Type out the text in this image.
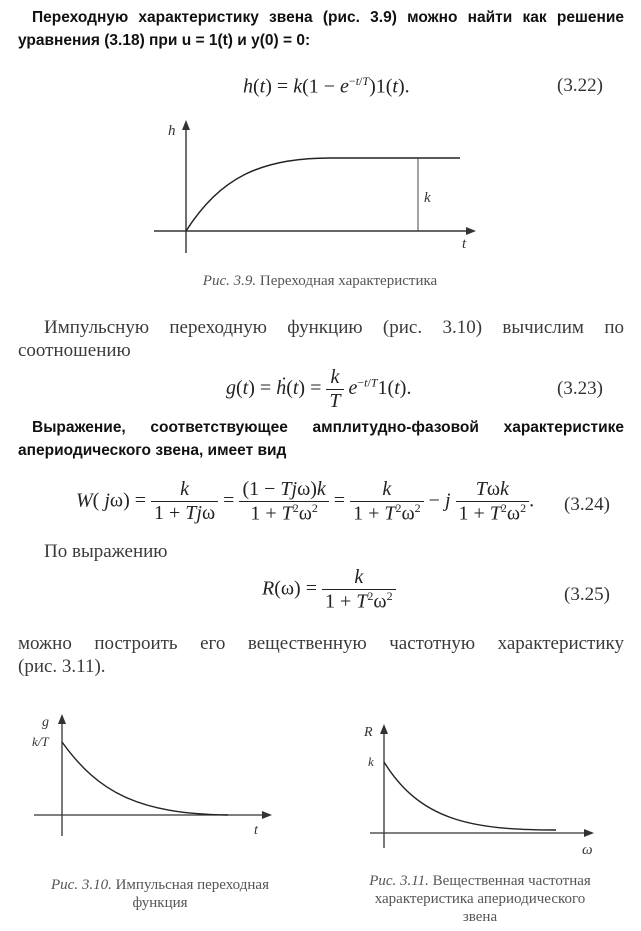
Переходную характеристику звена (рис. 3.9) можно найти как решение
уравнения (3.18) при u = 1(t) и y(0) = 0:
$h(t) = k(1 - e^{-t/T})1(t)$.	(3.22)
h
t
k
Рис. 3.9. Переходная характеристика
Импульсную переходную функцию (рис. 3.10) вычислим по
соотношению
g(t) = ḣ(t) = $\frac{k}{T} e^{-t/T}1(t)$.	(3.23)
Выражение, соответствующее амплитудно-фазовой характеристике
апериодического звена, имеет вид
W( $j\omega) = \frac{k}{\text{1 + Tjω}} = \frac{\text{(1 − Tjω)k}}{1 + T^2\omega^2} = \frac{k}{1 + T^2\omega^2} - j \frac{\text{Tωk}}{1 + T^2\omega^2}$ . (3.24)
По выражению
$R(\omega) = \frac{k}{1 + T^2\omega^2}$	(3.25)
можно построить его вещественную частотную характеристику
(рис. 3.11).
g
k/T
t
Рис. 3.10. Импульсная переходная
функция
R
k
ω
Рис. 3.11. Вещественная частотная
характеристика апериодического
звена
